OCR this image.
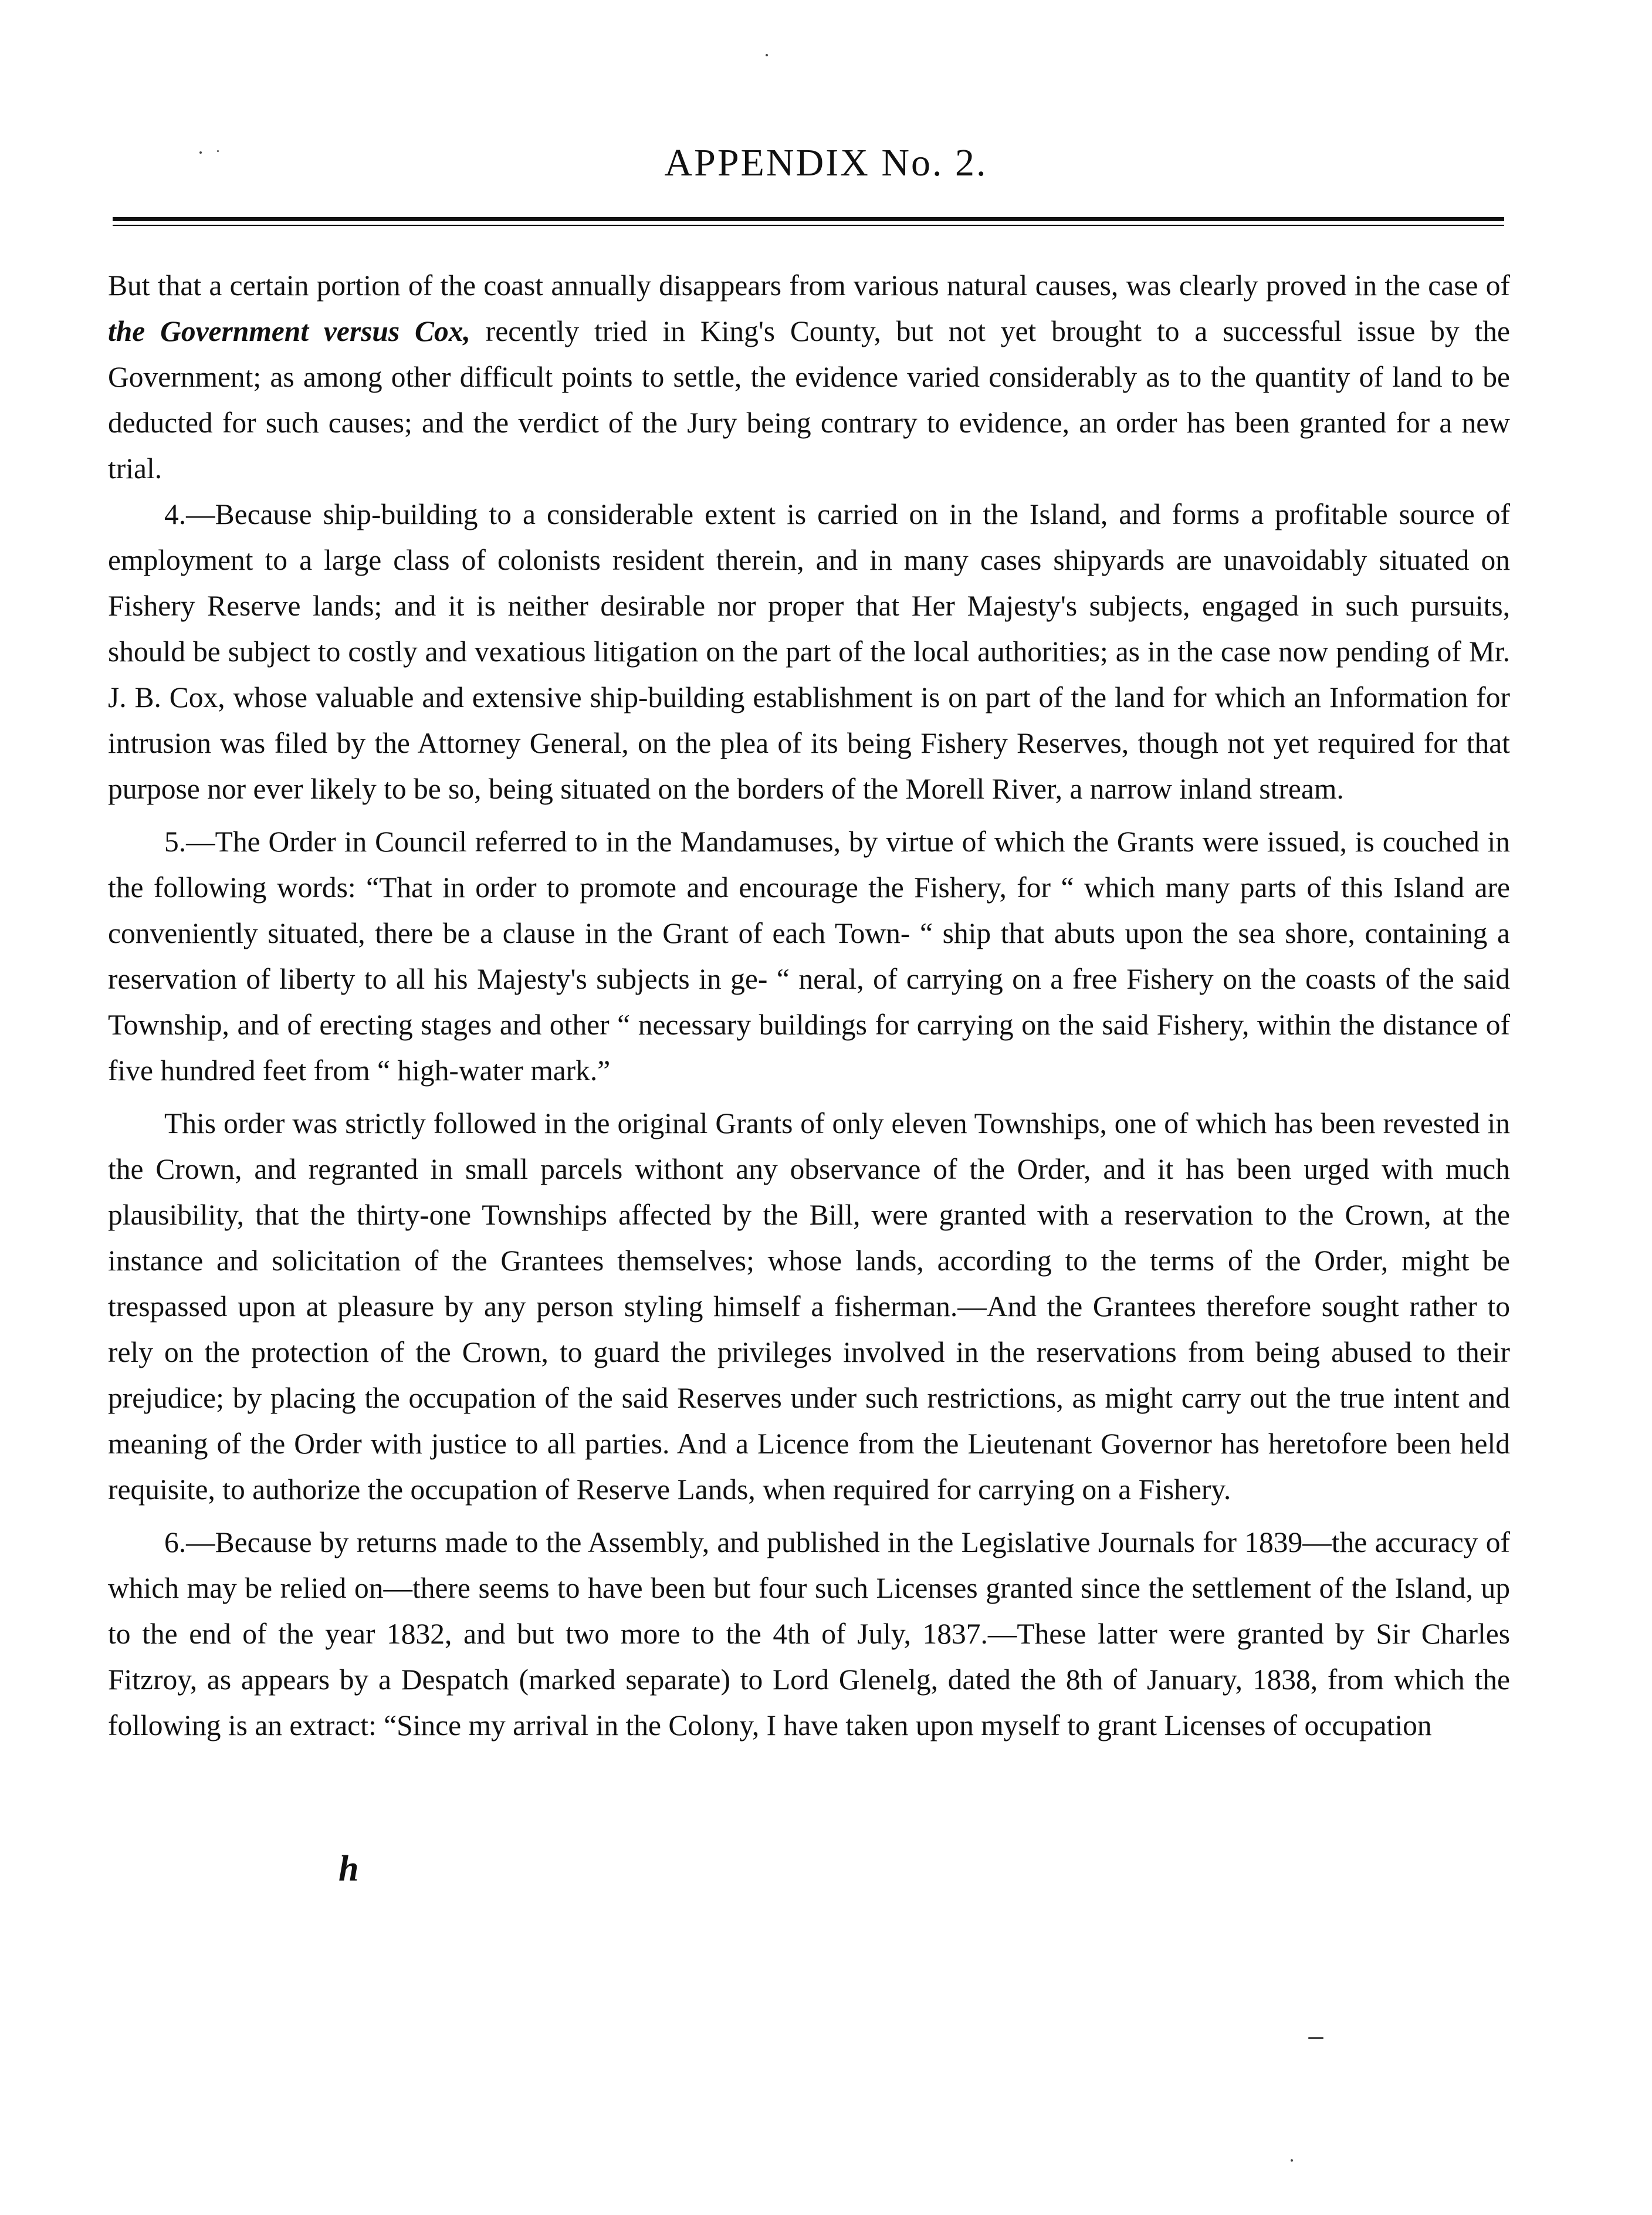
APPENDIX No. 2.

But that a certain portion of the coast annually disappears from various natural causes, was clearly proved in the case of the Government versus Cox, recently tried in King's County, but not yet brought to a successful issue by the Government; as among other difficult points to settle, the evidence varied considerably as to the quantity of land to be deducted for such causes; and the verdict of the Jury being contrary to evidence, an order has been granted for a new trial.

4.—Because ship-building to a considerable extent is carried on in the Island, and forms a profitable source of employment to a large class of colonists resident therein, and in many cases shipyards are unavoidably situated on Fishery Reserve lands; and it is neither desirable nor proper that Her Majesty's subjects, engaged in such pursuits, should be subject to costly and vexatious litigation on the part of the local authorities; as in the case now pending of Mr. J. B. Cox, whose valuable and extensive ship-building establishment is on part of the land for which an Information for intrusion was filed by the Attorney General, on the plea of its being Fishery Reserves, though not yet required for that purpose nor ever likely to be so, being situated on the borders of the Morell River, a narrow inland stream.

5.—The Order in Council referred to in the Mandamuses, by virtue of which the Grants were issued, is couched in the following words: “That in order to promote and encourage the Fishery, for “ which many parts of this Island are conveniently situated, there be a clause in the Grant of each Town- “ ship that abuts upon the sea shore, containing a reservation of liberty to all his Majesty's subjects in ge- “ neral, of carrying on a free Fishery on the coasts of the said Township, and of erecting stages and other “ necessary buildings for carrying on the said Fishery, within the distance of five hundred feet from “ high-water mark.”

This order was strictly followed in the original Grants of only eleven Townships, one of which has been revested in the Crown, and regranted in small parcels withont any observance of the Order, and it has been urged with much plausibility, that the thirty-one Townships affected by the Bill, were granted with a reservation to the Crown, at the instance and solicitation of the Grantees themselves; whose lands, according to the terms of the Order, might be trespassed upon at pleasure by any person styling himself a fisherman.—And the Grantees therefore sought rather to rely on the protection of the Crown, to guard the privileges involved in the reservations from being abused to their prejudice; by placing the occupation of the said Reserves under such restrictions, as might carry out the true intent and meaning of the Order with justice to all parties. And a Licence from the Lieutenant Governor has heretofore been held requisite, to authorize the occupation of Reserve Lands, when required for carrying on a Fishery.

6.—Because by returns made to the Assembly, and published in the Legislative Journals for 1839—the accuracy of which may be relied on—there seems to have been but four such Licenses granted since the settlement of the Island, up to the end of the year 1832, and but two more to the 4th of July, 1837.—These latter were granted by Sir Charles Fitzroy, as appears by a Despatch (marked separate) to Lord Glenelg, dated the 8th of January, 1838, from which the following is an extract: “Since my arrival in the Colony, I have taken upon myself to grant Licenses of occupation

h
